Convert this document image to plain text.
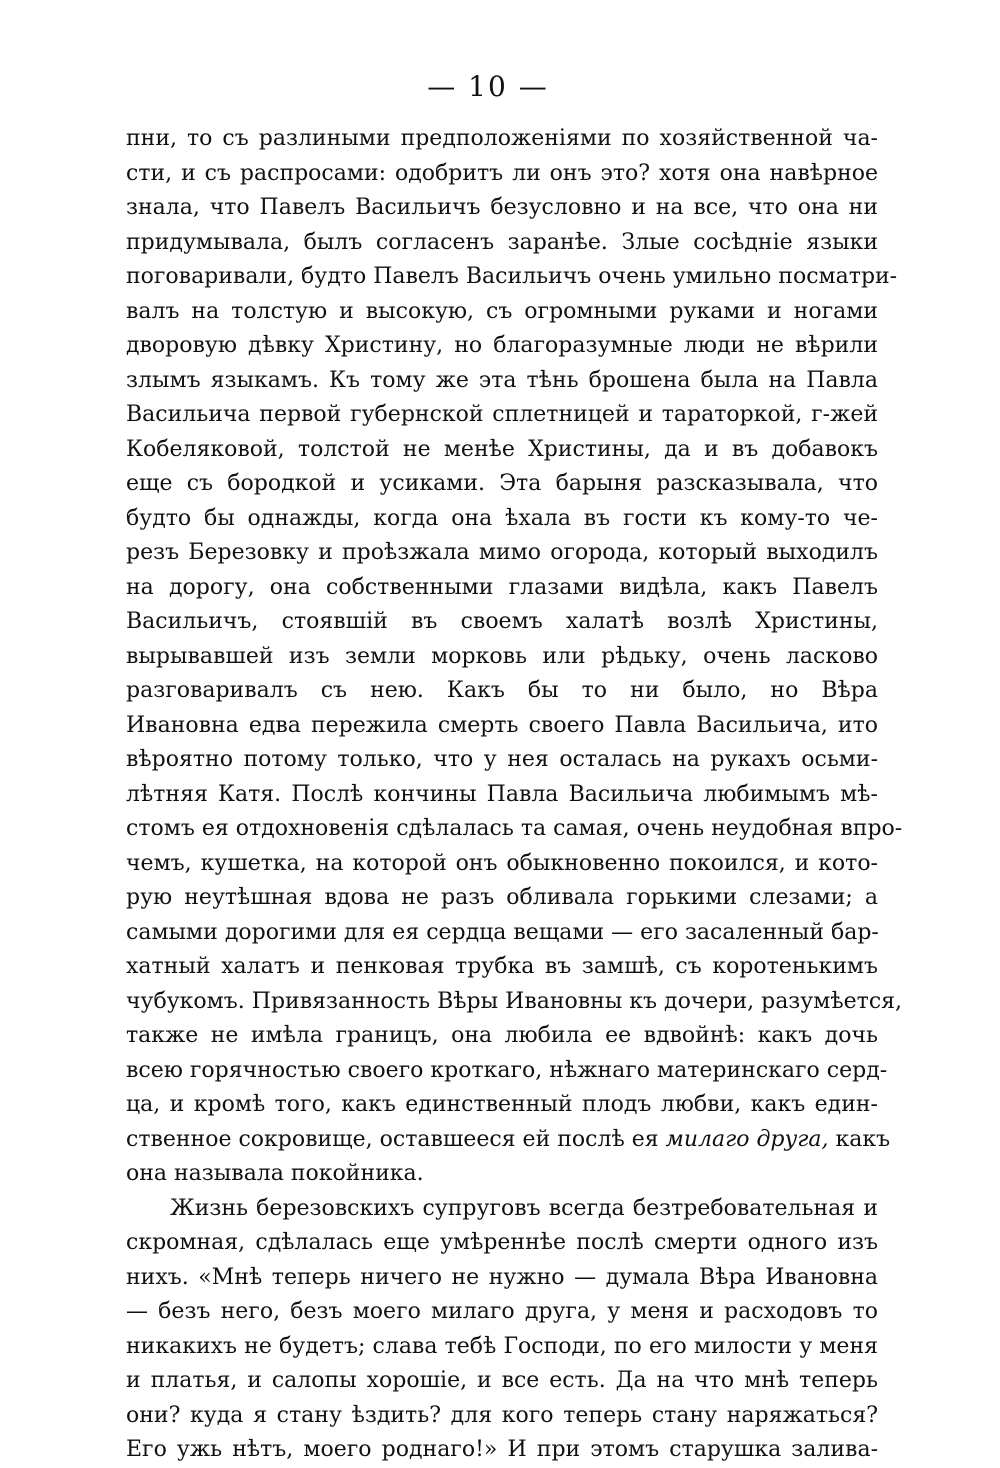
— 10 —
пни, то съ разлиными предположеніями по хозяйственной ча-
сти, и съ распросами: одобритъ ли онъ это? хотя она навѣрное
знала, что Павелъ Васильичъ безусловно и на все, что она ни
придумывала, былъ согласенъ заранѣе. Злые сосѣдніе языки
поговаривали, будто Павелъ Васильичъ очень умильно посматри-
валъ на толстую и высокую, съ огромными руками и ногами
дворовую дѣвку Христину, но благоразумные люди не вѣрили
злымъ языкамъ. Къ тому же эта тѣнь брошена была на Павла
Васильича первой губернской сплетницей и тараторкой, г-жей
Кобеляковой, толстой не менѣе Христины, да и въ добавокъ
еще съ бородкой и усиками. Эта барыня разсказывала, что
будто бы однажды, когда она ѣхала въ гости къ кому-то че-
резъ Березовку и проѣзжала мимо огорода, который выходилъ
на дорогу, она собственными глазами видѣла, какъ Павелъ
Васильичъ, стоявшій въ своемъ халатѣ возлѣ Христины,
вырывавшей изъ земли морковь или рѣдьку, очень ласково
разговаривалъ съ нею. Какъ бы то ни было, но Вѣра
Ивановна едва пережила смерть своего Павла Васильича, ито
вѣроятно потому только, что у нея осталась на рукахъ осьми-
лѣтняя Катя. Послѣ кончины Павла Васильича любимымъ мѣ-
стомъ ея отдохновенія сдѣлалась та самая, очень неудобная впро-
чемъ, кушетка, на которой онъ обыкновенно покоился, и кото-
рую неутѣшная вдова не разъ обливала горькими слезами; а
самыми дорогими для ея сердца вещами — его засаленный бар-
хатный халатъ и пенковая трубка въ замшѣ, съ коротенькимъ
чубукомъ. Привязанность Вѣры Ивановны къ дочери, разумѣется,
также не имѣла границъ, она любила ее вдвойнѣ: какъ дочь
всею горячностью своего кроткаго, нѣжнаго материнскаго серд-
ца, и кромѣ того, какъ единственный плодъ любви, какъ един-
ственное сокровище, оставшееся ей послѣ ея милаго друга, какъ
она называла покойника.
Жизнь березовскихъ супруговъ всегда безтребовательная и
скромная, сдѣлалась еще умѣреннѣе послѣ смерти одного изъ
нихъ. «Мнѣ теперь ничего не нужно — думала Вѣра Ивановна
— безъ него, безъ моего милаго друга, у меня и расходовъ то
никакихъ не будетъ; слава тебѣ Господи, по его милости у меня
и платья, и салопы хорошіе, и все есть. Да на что мнѣ теперь
они? куда я стану ѣздить? для кого теперь стану наряжаться?
Его ужь нѣтъ, моего роднаго!» И при этомъ старушка залива-
